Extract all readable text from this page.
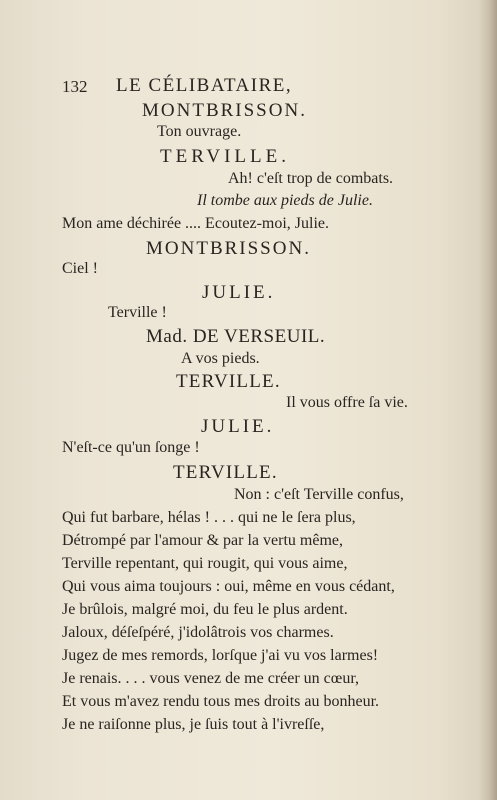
132 LE CÉLIBATAIRE,
MONTBRISSON.
Ton ouvrage.
TERVILLE.
Ah! c'eſt trop de combats.
Il tombe aux pieds de Julie.
Mon ame déchirée .... Ecoutez-moi, Julie.
MONTBRISSON.
Ciel !
JULIE.
Terville !
Mad. DE VERSEUIL.
A vos pieds.
TERVILLE.
Il vous offre ſa vie.
JULIE.
N'eſt-ce qu'un ſonge !
TERVILLE.
Non : c'eſt Terville confus,
Qui fut barbare, hélas ! . . . qui ne le ſera plus,
Détrompé par l'amour & par la vertu même,
Terville repentant, qui rougit, qui vous aime,
Qui vous aima toujours : oui, même en vous cédant,
Je brûlois, malgré moi, du feu le plus ardent.
Jaloux, déſeſpéré, j'idolâtrois vos charmes.
Jugez de mes remords, lorſque j'ai vu vos larmes!
Je renais. . . . vous venez de me créer un cœur,
Et vous m'avez rendu tous mes droits au bonheur.
Je ne raiſonne plus, je ſuis tout à l'ivreſſe,
